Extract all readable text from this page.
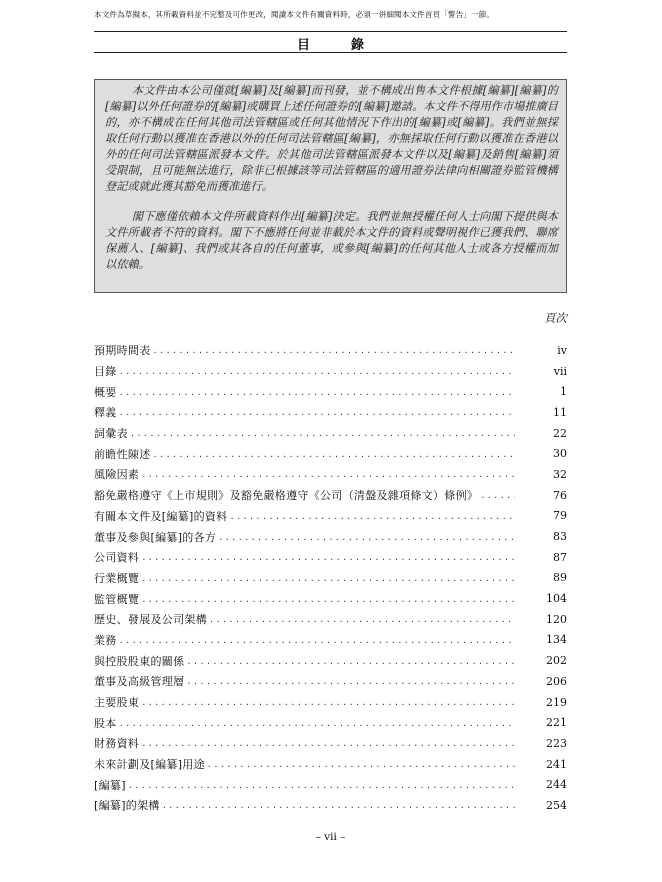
本文件為草擬本，其所載資料並不完整及可作更改，閱讀本文件有關資料時，必須一併細閱本文件首頁「警告」一節。
目　錄

本文件由本公司僅就[編纂]及[編纂]而刊發，並不構成出售本文件根據[編纂][編纂]的[編纂]以外任何證券的[編纂]或購買上述任何證券的[編纂]邀請。本文件不得用作市場推廣目的，亦不構成在任何其他司法管轄區或任何其他情況下作出的[編纂]或[編纂]。我們並無採取任何行動以獲准在香港以外的任何司法管轄區[編纂]，亦無採取任何行動以獲准在香港以外的任何司法管轄區派發本文件。於其他司法管轄區派發本文件以及[編纂]及銷售[編纂]須受限制，且可能無法進行，除非已根據該等司法管轄區的適用證券法律向相關證券監管機構登記或就此獲其豁免而獲准進行。

閣下應僅依賴本文件所載資料作出[編纂]決定。我們並無授權任何人士向閣下提供與本文件所載者不符的資料。閣下不應將任何並非載於本文件的資料或聲明視作已獲我們、聯席保薦人、[編纂]、我們或其各自的任何董事，或參與[編纂]的任何其他人士或各方授權而加以依賴。

頁次
預期時間表 .....	iv
目錄 .....	vii
概要 .....	1
釋義 .....	11
詞彙表 .....	22
前瞻性陳述 .....	30
風險因素 .....	32
豁免嚴格遵守《上市規則》及豁免嚴格遵守《公司（清盤及雜項條文）條例》 .....	76
有關本文件及[編纂]的資料 .....	79
董事及參與[編纂]的各方 .....	83
公司資料 .....	87
行業概覽 .....	89
監管概覽 .....	104
歷史、發展及公司架構 .....	120
業務 .....	134
與控股股東的關係 .....	202
董事及高級管理層 .....	206
主要股東 .....	219
股本 .....	221
財務資料 .....	223
未來計劃及[編纂]用途 .....	241
[編纂] .....	244
[編纂]的架構 .....	254
– vii –
